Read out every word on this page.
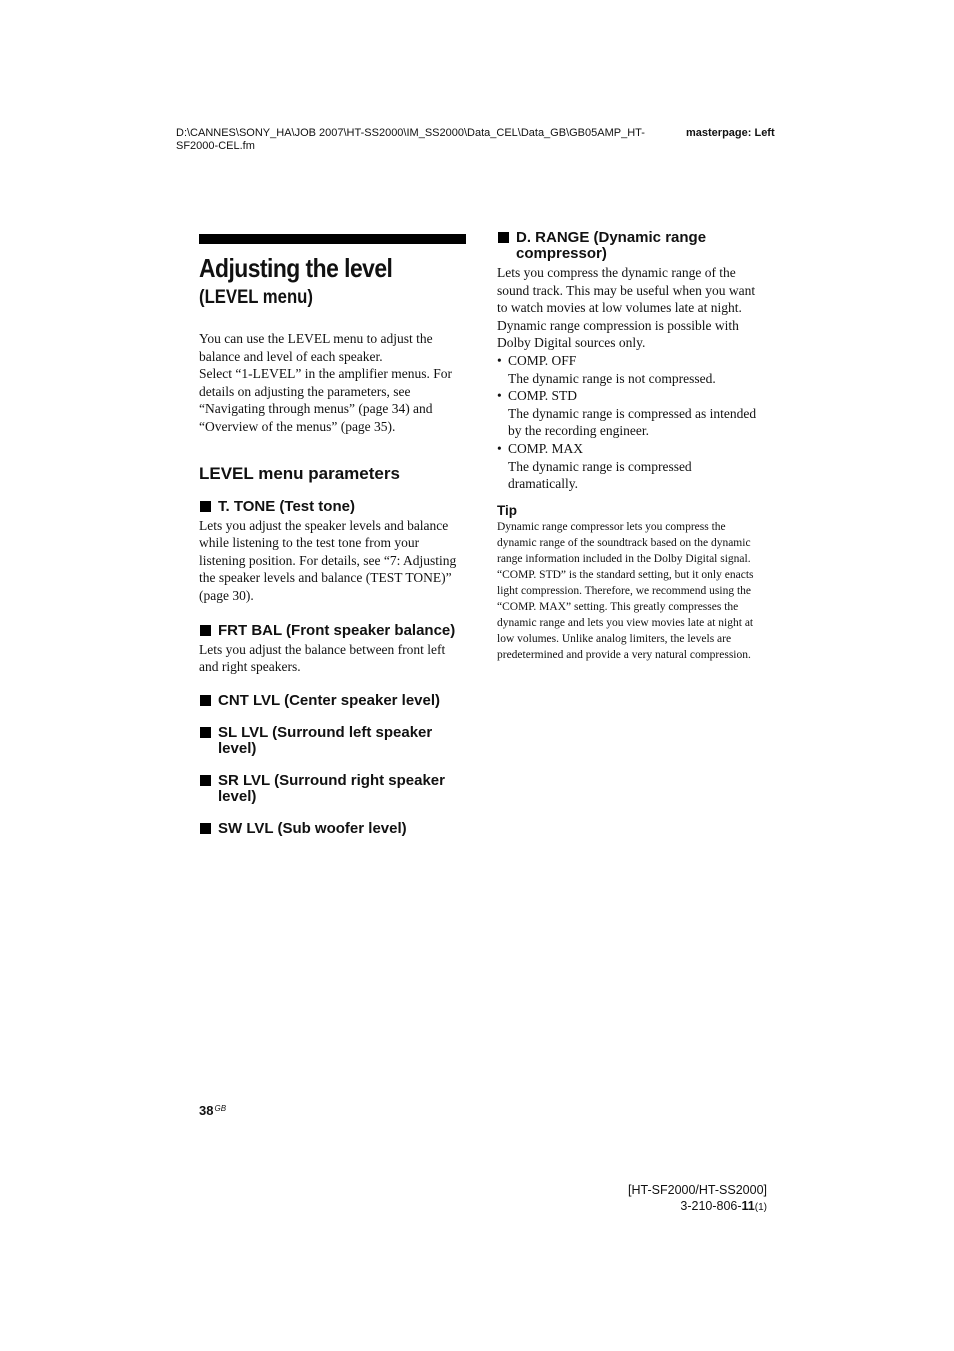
D:\CANNES\SONY_HA\JOB 2007\HT-SS2000\IM_SS2000\Data_CEL\Data_GB\GB05AMP_HT-SF2000-CEL.fm
masterpage: Left
Adjusting the level
(LEVEL menu)

You can use the LEVEL menu to adjust the balance and level of each speaker.

Select “1-LEVEL” in the amplifier menus. For details on adjusting the parameters, see “Navigating through menus” (page 34) and “Overview of the menus” (page 35).

LEVEL menu parameters

T. TONE (Test tone)

Lets you adjust the speaker levels and balance while listening to the test tone from your listening position. For details, see “7: Adjusting the speaker levels and balance (TEST TONE)” (page 30).

FRT BAL (Front speaker balance)

Lets you adjust the balance between front left and right speakers.

CNT LVL (Center speaker level)
SL LVL (Surround left speaker level)
SR LVL (Surround right speaker level)
SW LVL (Sub woofer level)
D. RANGE (Dynamic range compressor)

Lets you compress the dynamic range of the sound track. This may be useful when you want to watch movies at low volumes late at night. Dynamic range compression is possible with Dolby Digital sources only.

• COMP. OFF
The dynamic range is not compressed.
• COMP. STD
The dynamic range is compressed as intended by the recording engineer.
• COMP. MAX
The dynamic range is compressed dramatically.

Tip

Dynamic range compressor lets you compress the dynamic range of the soundtrack based on the dynamic range information included in the Dolby Digital signal.

“COMP. STD” is the standard setting, but it only enacts light compression. Therefore, we recommend using the “COMP. MAX” setting. This greatly compresses the dynamic range and lets you view movies late at night at low volumes. Unlike analog limiters, the levels are predetermined and provide a very natural compression.

$38^{GB}$
[HT-SF2000/HT-SS2000]
3-210-806-11(1)
